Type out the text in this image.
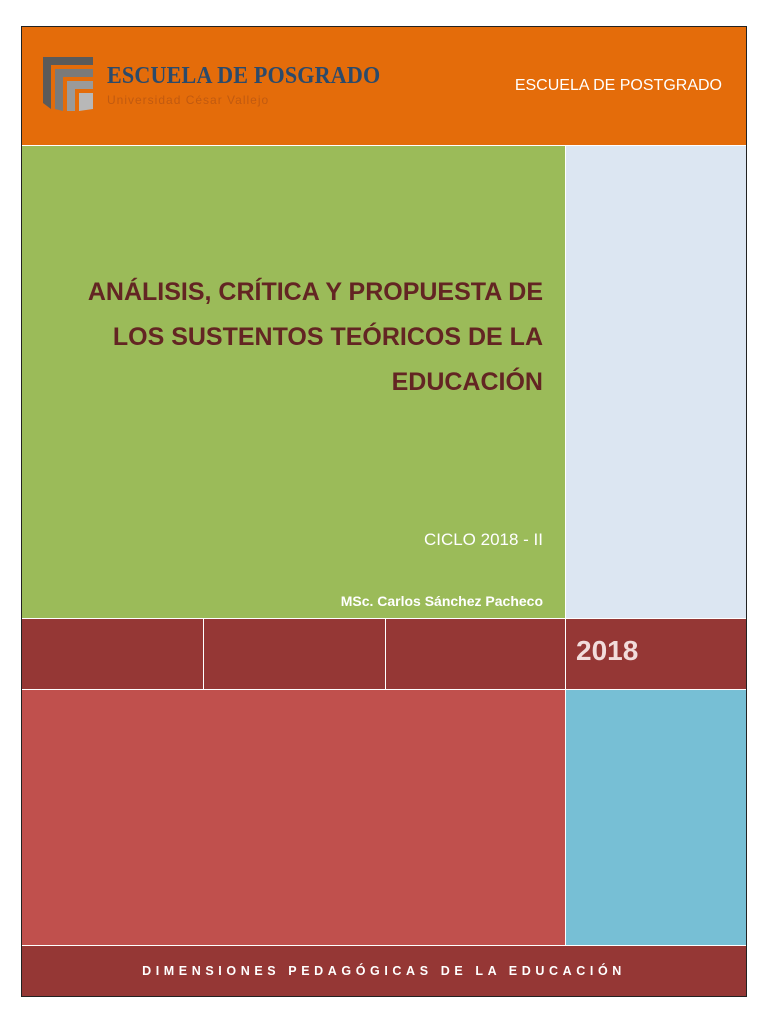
ESCUELA DE POSGRADO
Universidad César Vallejo
ESCUELA DE POSTGRADO
ANÁLISIS, CRÍTICA Y PROPUESTA DE LOS SUSTENTOS TEÓRICOS DE LA EDUCACIÓN
CICLO 2018 - II
MSc. Carlos Sánchez Pacheco
2018
DIMENSIONES PEDAGÓGICAS DE LA EDUCACIÓN
